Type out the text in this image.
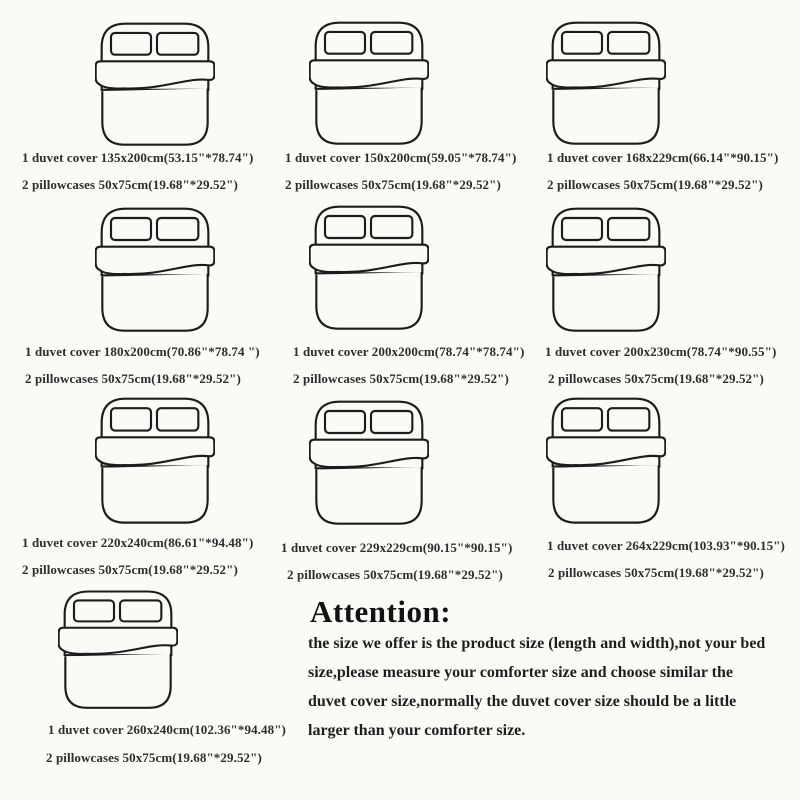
1 duvet cover 135x200cm(53.15"*78.74")
2 pillowcases 50x75cm(19.68"*29.52")
1 duvet cover 150x200cm(59.05"*78.74")
2 pillowcases 50x75cm(19.68"*29.52")
1 duvet cover 168x229cm(66.14"*90.15")
2 pillowcases 50x75cm(19.68"*29.52")
1 duvet cover 180x200cm(70.86"*78.74 ")
2 pillowcases 50x75cm(19.68"*29.52")
1 duvet cover 200x200cm(78.74"*78.74")
2 pillowcases 50x75cm(19.68"*29.52")
1 duvet cover 200x230cm(78.74"*90.55")
2 pillowcases 50x75cm(19.68"*29.52")
1 duvet cover 220x240cm(86.61"*94.48")
2 pillowcases 50x75cm(19.68"*29.52")
1 duvet cover 229x229cm(90.15"*90.15")
2 pillowcases 50x75cm(19.68"*29.52")
1 duvet cover 264x229cm(103.93"*90.15")
2 pillowcases 50x75cm(19.68"*29.52")
1 duvet cover 260x240cm(102.36"*94.48")
2 pillowcases 50x75cm(19.68"*29.52")
Attention:
the size we offer is the product size (length and width),not your bed
size,please measure your comforter size and choose similar the
duvet cover size,normally the duvet cover size should be a little
larger than your comforter size.
